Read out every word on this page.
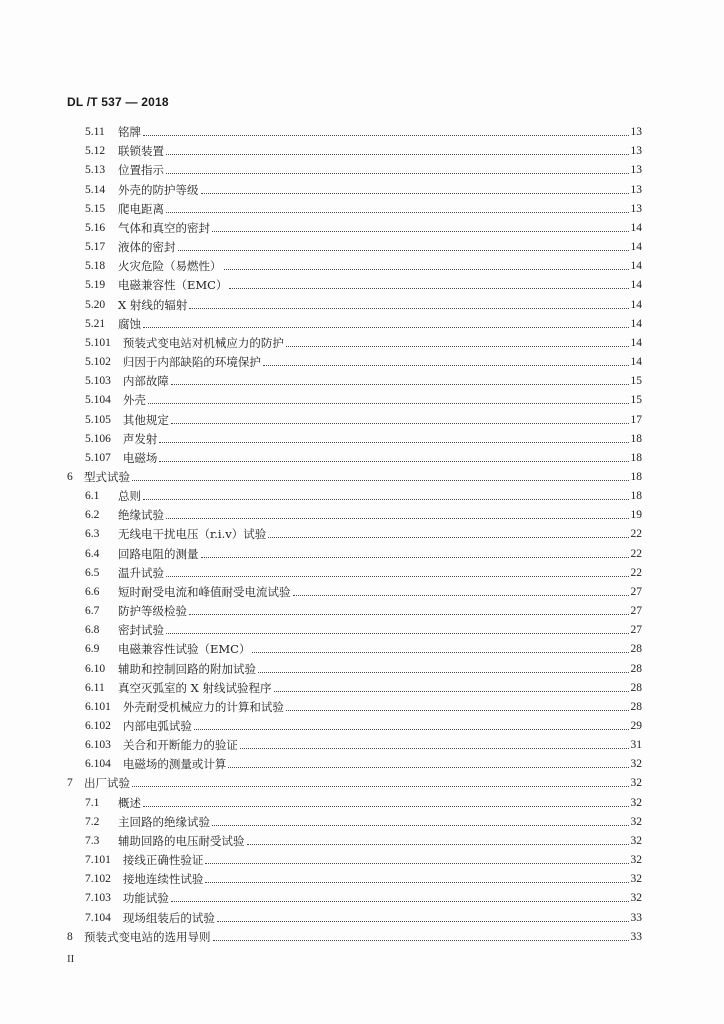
DL /T 537 — 2018
5.11 铭牌	13
5.12 联锁装置	13
5.13 位置指示	13
5.14 外壳的防护等级	13
5.15 爬电距离	13
5.16 气体和真空的密封	14
5.17 液体的密封	14
5.18 火灾危险（易燃性）	14
5.19 电磁兼容性（EMC）	14
5.20 X 射线的辐射	14
5.21 腐蚀	14
5.101 预装式变电站对机械应力的防护	14
5.102 归因于内部缺陷的环境保护	14
5.103 内部故障	15
5.104 外壳	15
5.105 其他规定	17
5.106 声发射	18
5.107 电磁场	18
6 型式试验	18
6.1	总则	18
6.2	绝缘试验	19
6.3	无线电干扰电压（r.i.v）试验	22
6.4	回路电阻的测量	22
6.5	温升试验	22
6.6	短时耐受电流和峰值耐受电流试验	27
6.7	防护等级检验	27
6.8	密封试验	27
6.9	电磁兼容性试验（EMC）	28
6.10 辅助和控制回路的附加试验	28
6.11 真空灭弧室的 X 射线试验程序	28
6.101 外壳耐受机械应力的计算和试验	28
6.102 内部电弧试验	29
6.103 关合和开断能力的验证	31
6.104 电磁场的测量或计算	32
7 出厂试验	32
7.1	概述	32
7.2	主回路的绝缘试验	32
7.3	辅助回路的电压耐受试验	32
7.101 接线正确性验证	32
7.102 接地连续性试验	32
7.103 功能试验	32
7.104 现场组装后的试验	33
8 预装式变电站的选用导则	33
II
